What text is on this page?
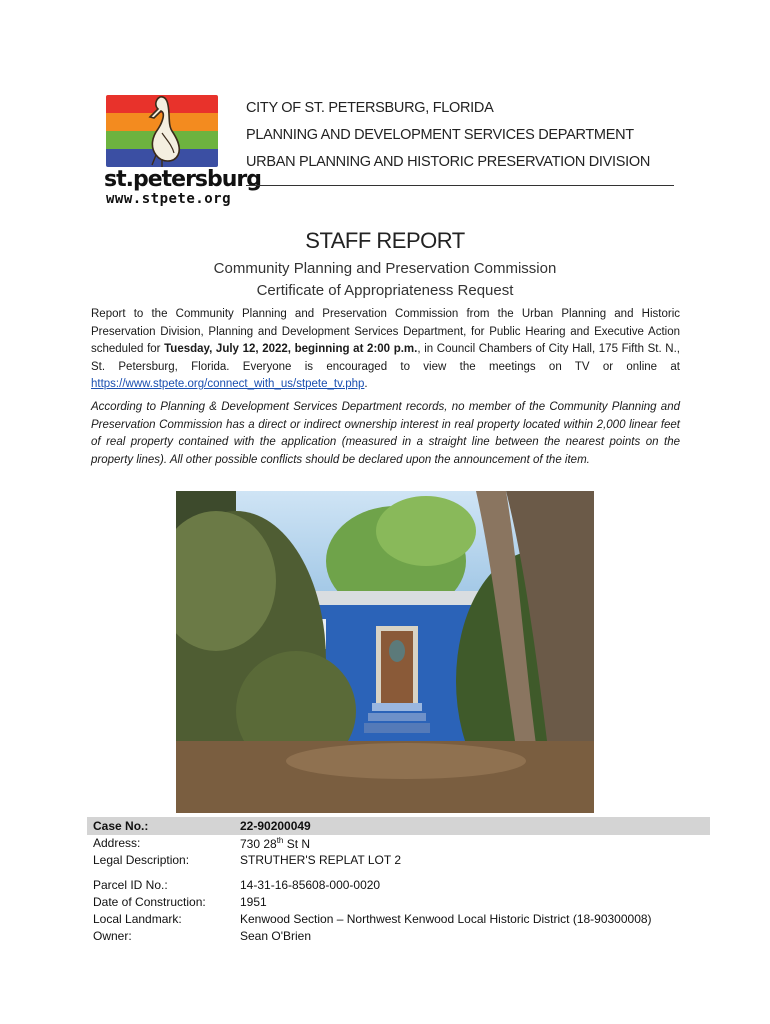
st.petersburg
www.stpete.org
CITY OF ST. PETERSBURG, FLORIDA
PLANNING AND DEVELOPMENT SERVICES DEPARTMENT
URBAN PLANNING AND HISTORIC PRESERVATION DIVISION
STAFF REPORT
Community Planning and Preservation Commission
Certificate of Appropriateness Request
Report to the Community Planning and Preservation Commission from the Urban Planning and Historic Preservation Division, Planning and Development Services Department, for Public Hearing and Executive Action scheduled for Tuesday, July 12, 2022, beginning at 2:00 p.m., in Council Chambers of City Hall, 175 Fifth St. N., St. Petersburg, Florida. Everyone is encouraged to view the meetings on TV or online at https://www.stpete.org/connect_with_us/stpete_tv.php.
According to Planning & Development Services Department records, no member of the Community Planning and Preservation Commission has a direct or indirect ownership interest in real property located within 2,000 linear feet of real property contained with the application (measured in a straight line between the nearest points on the property lines). All other possible conflicts should be declared upon the announcement of the item.
Case No.:	22-90200049
Address:	730 28th St N
Legal Description:	STRUTHER'S REPLAT LOT 2
Parcel ID No.:	14-31-16-85608-000-0020
Date of Construction:	1951
Local Landmark:	Kenwood Section – Northwest Kenwood Local Historic District (18-90300008)
Owner:	Sean O'Brien
